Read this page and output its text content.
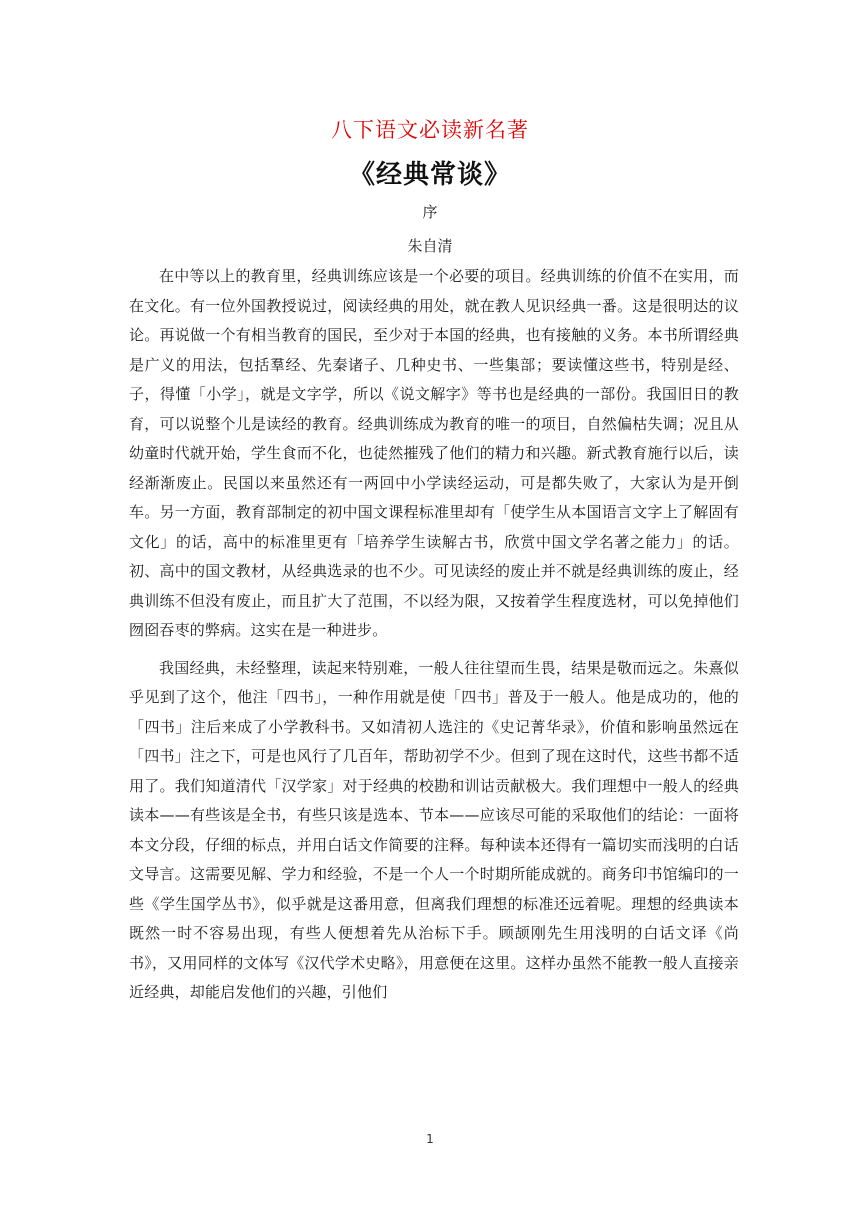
八下语文必读新名著
《经典常谈》
序
朱自清

在中等以上的教育里，经典训练应该是一个必要的项目。经典训练的价值不在实用，而在文化。有一位外国教授说过，阅读经典的用处，就在教人见识经典一番。这是很明达的议论。再说做一个有相当教育的国民，至少对于本国的经典，也有接触的义务。本书所谓经典是广义的用法，包括羣经、先秦诸子、几种史书、一些集部；要读懂这些书，特别是经、子，得懂「小学」，就是文字学，所以《说文解字》等书也是经典的一部份。我国旧日的教育，可以说整个儿是读经的教育。经典训练成为教育的唯一的项目，自然偏枯失调；况且从幼童时代就开始，学生食而不化，也徒然摧残了他们的精力和兴趣。新式教育施行以后，读经渐渐废止。民国以来虽然还有一两回中小学读经运动，可是都失败了，大家认为是开倒车。另一方面，教育部制定的初中国文课程标准里却有「使学生从本国语言文字上了解固有文化」的话，高中的标准里更有「培养学生读解古书，欣赏中国文学名著之能力」的话。初、高中的国文教材，从经典选录的也不少。可见读经的废止并不就是经典训练的废止，经典训练不但没有废止，而且扩大了范围，不以经为限，又按着学生程度选材，可以免掉他们囫囵吞枣的弊病。这实在是一种进步。

我国经典，未经整理，读起来特别难，一般人往往望而生畏，结果是敬而远之。朱熹似乎见到了这个，他注「四书」，一种作用就是使「四书」普及于一般人。他是成功的，他的「四书」注后来成了小学教科书。又如清初人选注的《史记菁华录》，价值和影响虽然远在「四书」注之下，可是也风行了几百年，帮助初学不少。但到了现在这时代，这些书都不适用了。我们知道清代「汉学家」对于经典的校勘和训诂贡献极大。我们理想中一般人的经典读本——有些该是全书，有些只该是选本、节本——应该尽可能的采取他们的结论：一面将本文分段，仔细的标点，并用白话文作简要的注释。每种读本还得有一篇切实而浅明的白话文导言。这需要见解、学力和经验，不是一个人一个时期所能成就的。商务印书馆编印的一些《学生国学丛书》，似乎就是这番用意，但离我们理想的标准还远着呢。理想的经典读本既然一时不容易出现，有些人便想着先从治标下手。顾颉刚先生用浅明的白话文译《尚书》，又用同样的文体写《汉代学术史略》，用意便在这里。这样办虽然不能教一般人直接亲近经典，却能启发他们的兴趣，引他们

1
